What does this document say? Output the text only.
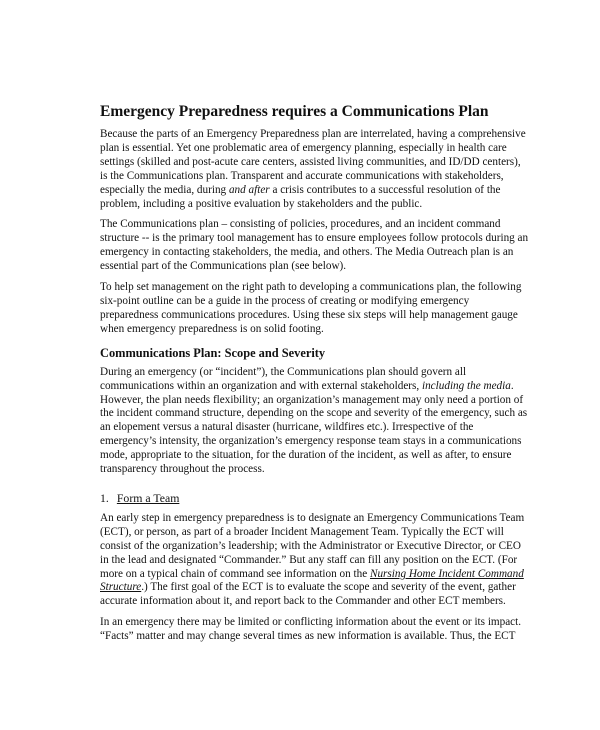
Emergency Preparedness requires a Communications Plan

Because the parts of an Emergency Preparedness plan are interrelated, having a comprehensive plan is essential. Yet one problematic area of emergency planning, especially in health care settings (skilled and post-acute care centers, assisted living communities, and ID/DD centers), is the Communications plan. Transparent and accurate communications with stakeholders, especially the media, during and after a crisis contributes to a successful resolution of the problem, including a positive evaluation by stakeholders and the public.

The Communications plan – consisting of policies, procedures, and an incident command structure -- is the primary tool management has to ensure employees follow protocols during an emergency in contacting stakeholders, the media, and others. The Media Outreach plan is an essential part of the Communications plan (see below).

To help set management on the right path to developing a communications plan, the following six-point outline can be a guide in the process of creating or modifying emergency preparedness communications procedures. Using these six steps will help management gauge when emergency preparedness is on solid footing.

Communications Plan: Scope and Severity

During an emergency (or “incident”), the Communications plan should govern all communications within an organization and with external stakeholders, including the media. However, the plan needs flexibility; an organization’s management may only need a portion of the incident command structure, depending on the scope and severity of the emergency, such as an elopement versus a natural disaster (hurricane, wildfires etc.). Irrespective of the emergency’s intensity, the organization’s emergency response team stays in a communications mode, appropriate to the situation, for the duration of the incident, as well as after, to ensure transparency throughout the process.

1. Form a Team

An early step in emergency preparedness is to designate an Emergency Communications Team (ECT), or person, as part of a broader Incident Management Team. Typically the ECT will consist of the organization’s leadership; with the Administrator or Executive Director, or CEO in the lead and designated “Commander.” But any staff can fill any position on the ECT. (For more on a typical chain of command see information on the Nursing Home Incident Command Structure.) The first goal of the ECT is to evaluate the scope and severity of the event, gather accurate information about it, and report back to the Commander and other ECT members.

In an emergency there may be limited or conflicting information about the event or its impact. “Facts” matter and may change several times as new information is available. Thus, the ECT
